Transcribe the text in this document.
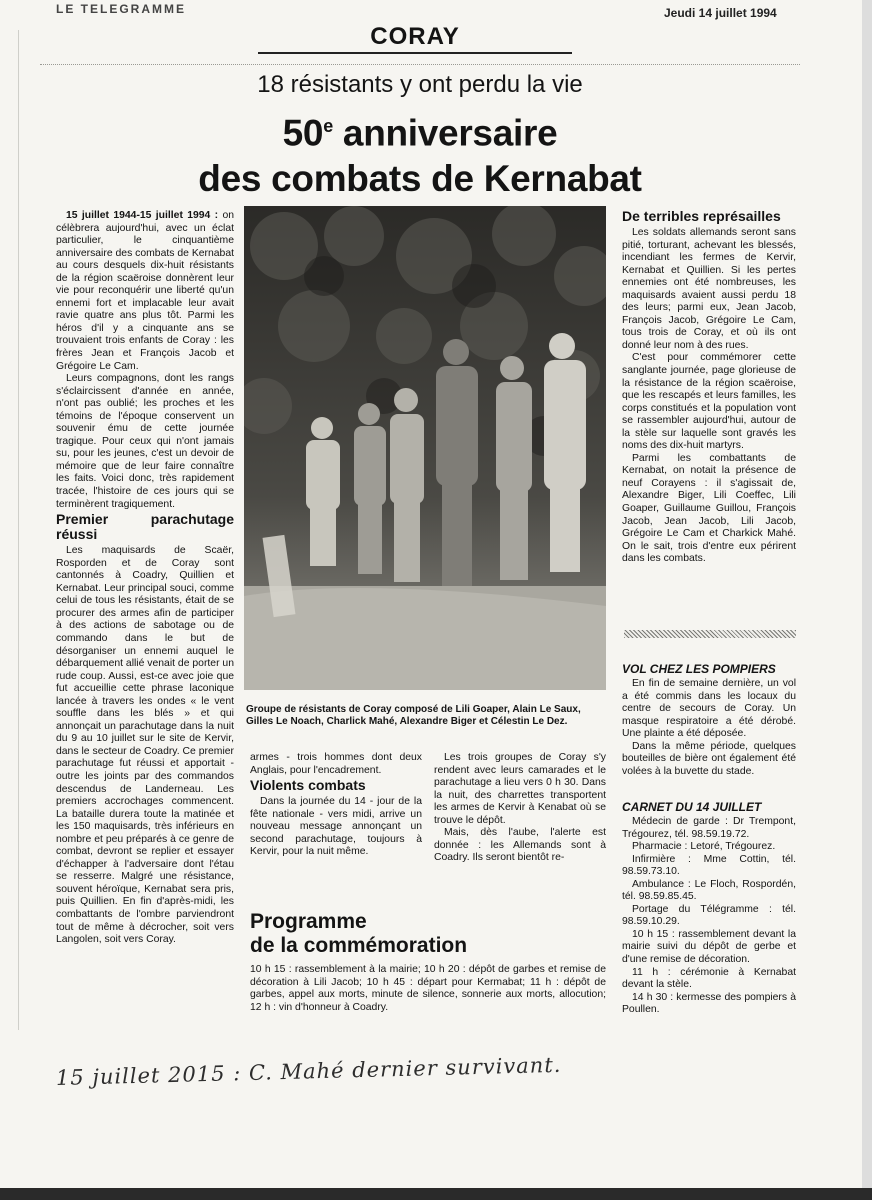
LE TELEGRAMME	Jeudi 14 juillet 1994
CORAY
18 résistants y ont perdu la vie
50e anniversaire
des combats de Kernabat

15 juillet 1944-15 juillet 1994 : on célèbrera aujourd'hui, avec un éclat particulier, le cinquantième anniversaire des combats de Kernabat au cours desquels dix-huit résistants de la région scaëroise donnèrent leur vie pour reconquérir une liberté qu'un ennemi fort et implacable leur avait ravie quatre ans plus tôt. Parmi les héros d'il y a cinquante ans se trouvaient trois enfants de Coray : les frères Jean et François Jacob et Grégoire Le Cam.

Leurs compagnons, dont les rangs s'éclaircissent d'année en année, n'ont pas oublié; les proches et les témoins de l'époque conservent un souvenir ému de cette journée tragique. Pour ceux qui n'ont jamais su, pour les jeunes, c'est un devoir de mémoire que de leur faire connaître les faits. Voici donc, très rapidement tracée, l'histoire de ces jours qui se terminèrent tragiquement.

Premier parachutage réussi

Les maquisards de Scaër, Rosporden et de Coray sont cantonnés à Coadry, Quillien et Kernabat. Leur principal souci, comme celui de tous les résistants, était de se procurer des armes afin de participer à des actions de sabotage ou de commando dans le but de désorganiser un ennemi auquel le débarquement allié venait de porter un rude coup. Aussi, est-ce avec joie que fut accueillie cette phrase laconique lancée à travers les ondes « le vent souffle dans les blés » et qui annonçait un parachutage dans la nuit du 9 au 10 juillet sur le site de Kervir, dans le secteur de Coadry. Ce premier parachutage fut réussi et apportait - outre les joints par des commandos descendus de Landerneau. Les premiers accrochages commencent. La bataille durera toute la matinée et les 150 maquisards, très inférieurs en nombre et peu préparés à ce genre de combat, devront se replier et essayer d'échapper à l'adversaire dont l'étau se resserre. Malgré une résistance, souvent héroïque, Kernabat sera pris, puis Quillien. En fin d'après-midi, les combattants de l'ombre parviendront tout de même à décrocher, soit vers Langolen, soit vers Coray.

Groupe de résistants de Coray composé de Lili Goaper, Alain Le Saux, Gilles Le Noach, Charlick Mahé, Alexandre Biger et Célestin Le Dez.

armes - trois hommes dont deux Anglais, pour l'encadrement.

Violents combats

Dans la journée du 14 - jour de la fête nationale - vers midi, arrive un nouveau message annonçant un second parachutage, toujours à Kervir, pour la nuit même.

Les trois groupes de Coray s'y rendent avec leurs camarades et le parachutage a lieu vers 0 h 30. Dans la nuit, des charrettes transportent les armes de Kervir à Kenabat où se trouve le dépôt.

Mais, dès l'aube, l'alerte est donnée : les Allemands sont à Coadry. Ils seront bientôt re-

De terribles représailles

Les soldats allemands seront sans pitié, torturant, achevant les blessés, incendiant les fermes de Kervir, Kernabat et Quillien. Si les pertes ennemies ont été nombreuses, les maquisards avaient aussi perdu 18 des leurs; parmi eux, Jean Jacob, François Jacob, Grégoire Le Cam, tous trois de Coray, et où ils ont donné leur nom à des rues.

C'est pour commémorer cette sanglante journée, page glorieuse de la résistance de la région scaëroise, que les rescapés et leurs familles, les corps constitués et la population vont se rassembler aujourd'hui, autour de la stèle sur laquelle sont gravés les noms des dix-huit martyrs.

Parmi les combattants de Kernabat, on notait la présence de neuf Corayens : il s'agissait de, Alexandre Biger, Lili Coeffec, Lili Goaper, Guillaume Guillou, François Jacob, Jean Jacob, Lili Jacob, Grégoire Le Cam et Charkick Mahé. On le sait, trois d'entre eux périrent dans les combats.

VOL CHEZ LES POMPIERS

En fin de semaine dernière, un vol a été commis dans les locaux du centre de secours de Coray. Un masque respiratoire a été dérobé. Une plainte a été déposée.

Dans la même période, quelques bouteilles de bière ont également été volées à la buvette du stade.

CARNET DU 14 JUILLET

Médecin de garde : Dr Trempont, Trégourez, tél. 98.59.19.72.

Pharmacie : Letoré, Trégourez.

Infirmière : Mme Cottin, tél. 98.59.73.10.

Ambulance : Le Floch, Rospordén, tél. 98.59.85.45.

Portage du Télégramme : tél. 98.59.10.29.

10 h 15 : rassemblement devant la mairie suivi du dépôt de gerbe et d'une remise de décoration.

11 h : cérémonie à Kernabat devant la stèle.

14 h 30 : kermesse des pompiers à Poullen.

Programme
de la commémoration
10 h 15 : rassemblement à la mairie; 10 h 20 : dépôt de garbes et remise de décoration à Lili Jacob; 10 h 45 : départ pour Kermabat; 11 h : dépôt de garbes, appel aux morts, minute de silence, sonnerie aux morts, allocution; 12 h : vin d'honneur à Coadry.
15 juillet 2015 : C. Mahé dernier survivant.
